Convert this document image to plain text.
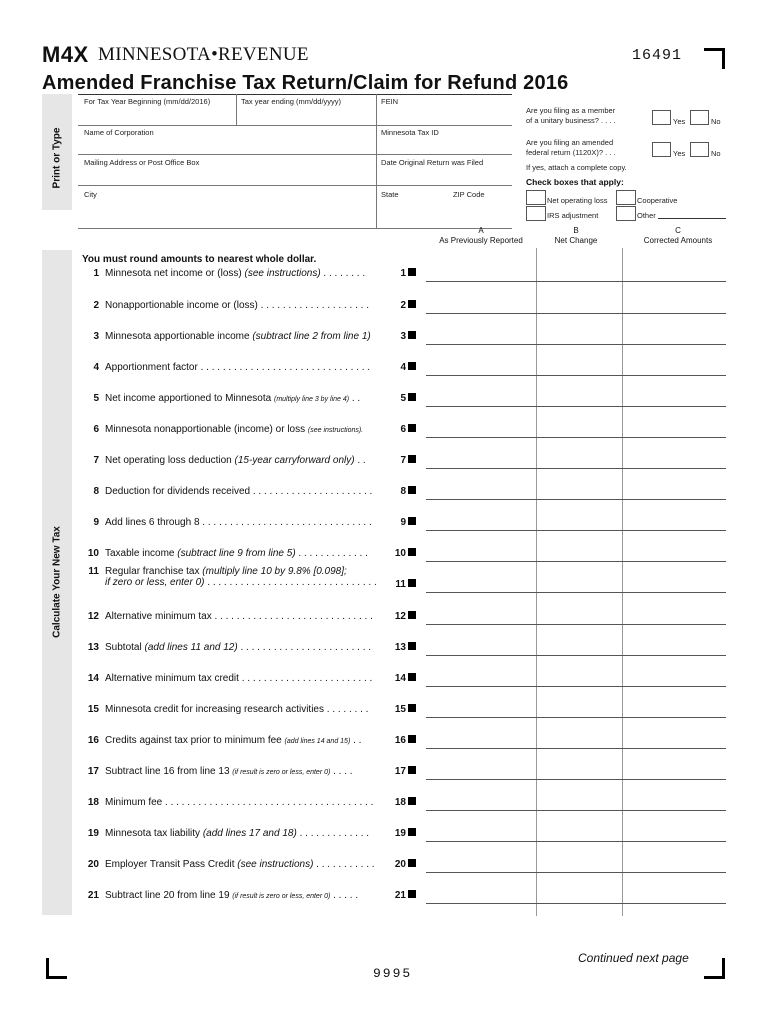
M4X MINNESOTA•REVENUE	16491
Amended Franchise Tax Return/Claim for Refund 2016
Print or Type
For Tax Year Beginning (mm/dd/2016)	Tax year ending (mm/dd/yyyy)	FEIN
Name of Corporation	Minnesota Tax ID
Mailing Address or Post Office Box	Date Original Return was Filed
City	State	ZIP Code
Are you filing as a member
of a unitary business? . . . .	Yes	No
Are you filing an amended
federal return (1120X)? . . .	Yes	No
If yes, attach a complete copy.
Check boxes that apply:
Net operating loss	Cooperative
IRS adjustment	Other
A
As Previously Reported
B
Net Change
C
Corrected Amounts
Calculate Your New Tax
You must round amounts to nearest whole dollar.
1 Minnesota net income or (loss) (see instructions) . . . . . . . .	1
2 Nonapportionable income or (loss) . . . . . . . . . . . . . . . . . . . .	2
3 Minnesota apportionable income (subtract line 2 from line 1)	3
4 Apportionment factor . . . . . . . . . . . . . . . . . . . . . . . . . . . . . . .	4
5 Net income apportioned to Minnesota (multiply line 3 by line 4) . .	5
6 Minnesota nonapportionable (income) or loss (see instructions).	6
7 Net operating loss deduction (15-year carryforward only) . .	7
8 Deduction for dividends received . . . . . . . . . . . . . . . . . . . . . .	8
9 Add lines 6 through 8 . . . . . . . . . . . . . . . . . . . . . . . . . . . . . . .	9
10 Taxable income (subtract line 9 from line 5) . . . . . . . . . . . . .	10
11 Regular franchise tax (multiply line 10 by 9.8% [0.098];
if zero or less, enter 0) . . . . . . . . . . . . . . . . . . . . . . . . . . . . . . .	11
12 Alternative minimum tax . . . . . . . . . . . . . . . . . . . . . . . . . . . . .	12
13 Subtotal (add lines 11 and 12) . . . . . . . . . . . . . . . . . . . . . . . .	13
14 Alternative minimum tax credit . . . . . . . . . . . . . . . . . . . . . . . .	14
15 Minnesota credit for increasing research activities . . . . . . . .	15
16 Credits against tax prior to minimum fee (add lines 14 and 15) . .	16
17 Subtract line 16 from line 13 (if result is zero or less, enter 0) . . . .	17
18 Minimum fee . . . . . . . . . . . . . . . . . . . . . . . . . . . . . . . . . . . . . .	18
19 Minnesota tax liability (add lines 17 and 18) . . . . . . . . . . . . .	19
20 Employer Transit Pass Credit (see instructions) . . . . . . . . . . .	20
21 Subtract line 20 from line 19 (if result is zero or less, enter 0) . . . . .	21
Continued next page
9995
